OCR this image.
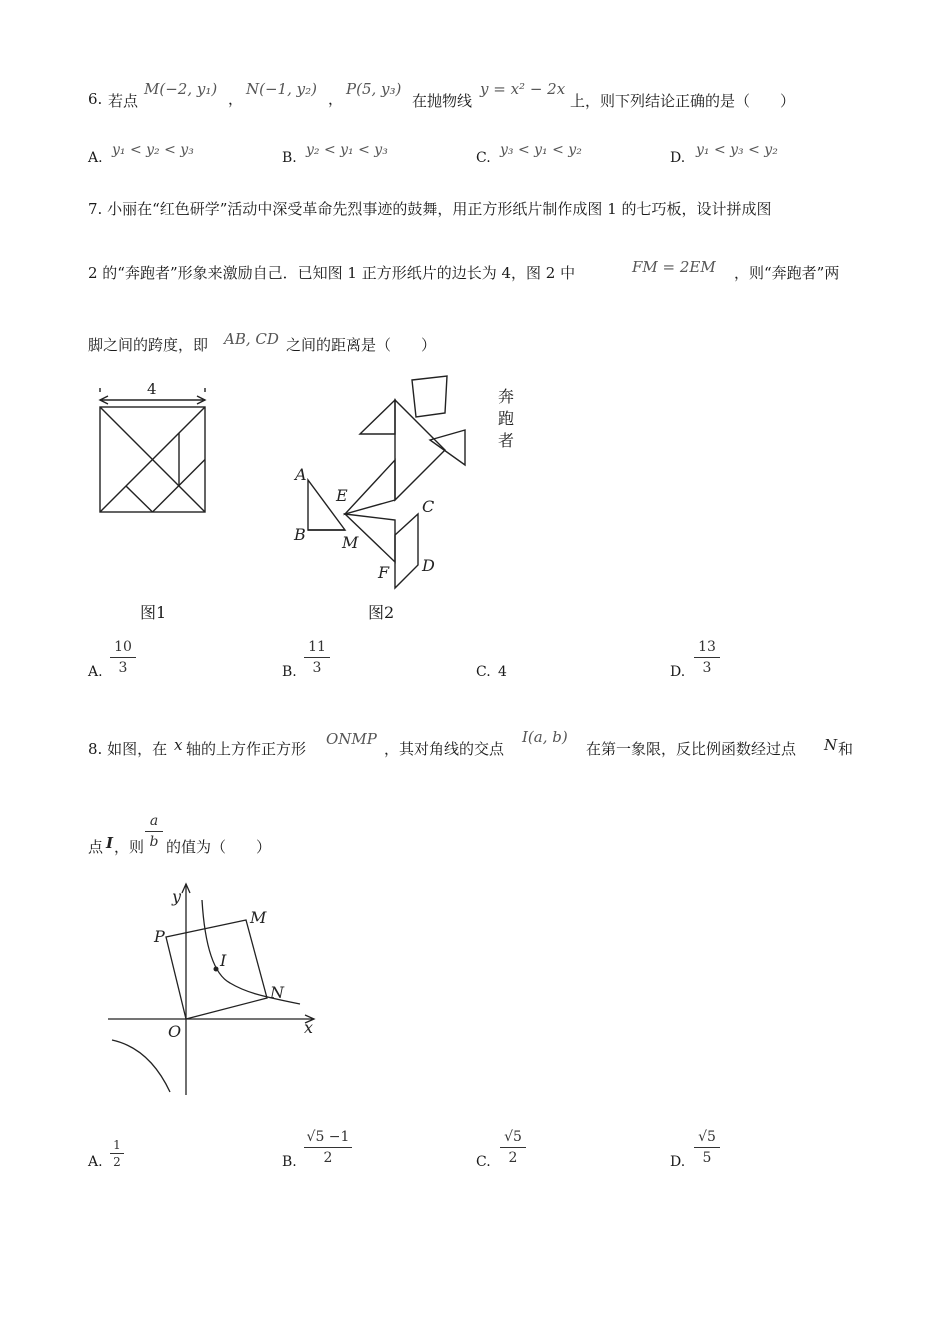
6. 若点
M(−2, y₁)
，
N(−1, y₂)
，
P(5, y₃)
在抛物线
y = x² − 2x
上，则下列结论正确的是（　　）
A. y₁ < y₂ < y₃	B. y₂ < y₁ < y₃	C. y₃ < y₁ < y₂	D. y₁ < y₃ < y₂
7. 小丽在“红色研学”活动中深受革命先烈事迹的鼓舞，用正方形纸片制作成图 1 的七巧板，设计拼成图
2 的“奔跑者”形象来激励自己．已知图 1 正方形纸片的边长为 4，图 2 中	FM = 2EM ，则“奔跑者”两
脚之间的跨度，即 AB, CD 之间的距离是（　　）
4
图1
A
B
E
M
F
C
D
奔
跑
者
图2
A.
10
3	B.
11
3	C. 4	D.
13
3
8. 如图，在 x 轴的上方作正方形
ONMP
，其对角线的交点
I(a, b)
在第一象限，反比例函数经过点 N 和
点 I ，则
a
b 的值为（　　）
y
P
M
I
N
O	x
A.
1
2	B.
√5 −1
2	C.
√5
2	D.
√5
5
